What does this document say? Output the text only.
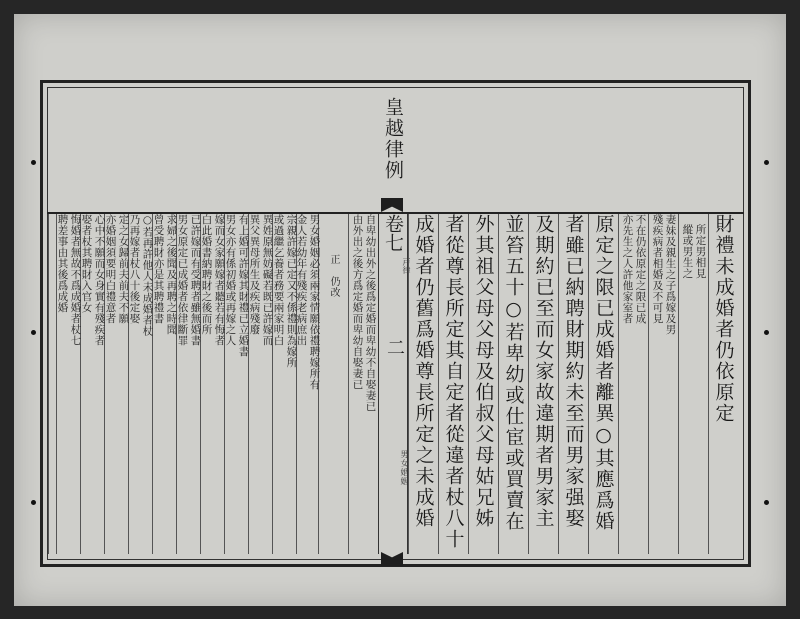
皇越律例
卷七
戸律
二
男女婚姻
財禮未成婚者仍依原定
所定男相見
縱或男生之
妻妹及親生之子爲嫁及男
殘疾病者相婚及不可見
不在仍依原定之限已成
亦先生之人許他家室者
原定之限已成婚者離異○其應爲婚
者雖已納聘財期約未至而男家强娶
及期約已至而女家故違期者男家主
並笞五十○若卑幼或仕宦或買賣在
外其祖父母父母及伯叔父母姑兄姊
者從尊長所定其自定者從違者杖八十
成婚者仍舊爲婚尊長所定之未成婚
自卑幼出外之後爲定婚而卑幼不自娶妻已
由外出之後方爲定婚而卑幼自娶妻已
正　仍改
男女婚姻必須兩家情願依禮聘嫁所有
金人若幼年有殘疾老病庶出
宗親許嫁已定又不係禮則為嫁所
或過繼乞養者務要兩家明白
異姓原無妨礙若既已許嫁而
異父異母所生及疾病殘廢
有上婚可許嫁其財禮已立婚書
男女亦有係初婚或再嫁之人
嫁而女家願嫁者聽若有悔者
白此婚書納聘財之後而所
已許嫁而有受聘者雖無婚書
男女原定已成婚者依律斷罪
求婦之後聞及再聘之時聞
曾受聘財亦是其聘禮書
○若再許他人未成婚者杖
乃再嫁者杖八十後定娶
定之女歸前夫前夫不願
亦婚姻須要明白禮意者
心中不願而女身實有殘疾者
娶者杖其聘財入官女
悔婚者無故不爲成婚者杖七
聘差事由其後爲成婚
